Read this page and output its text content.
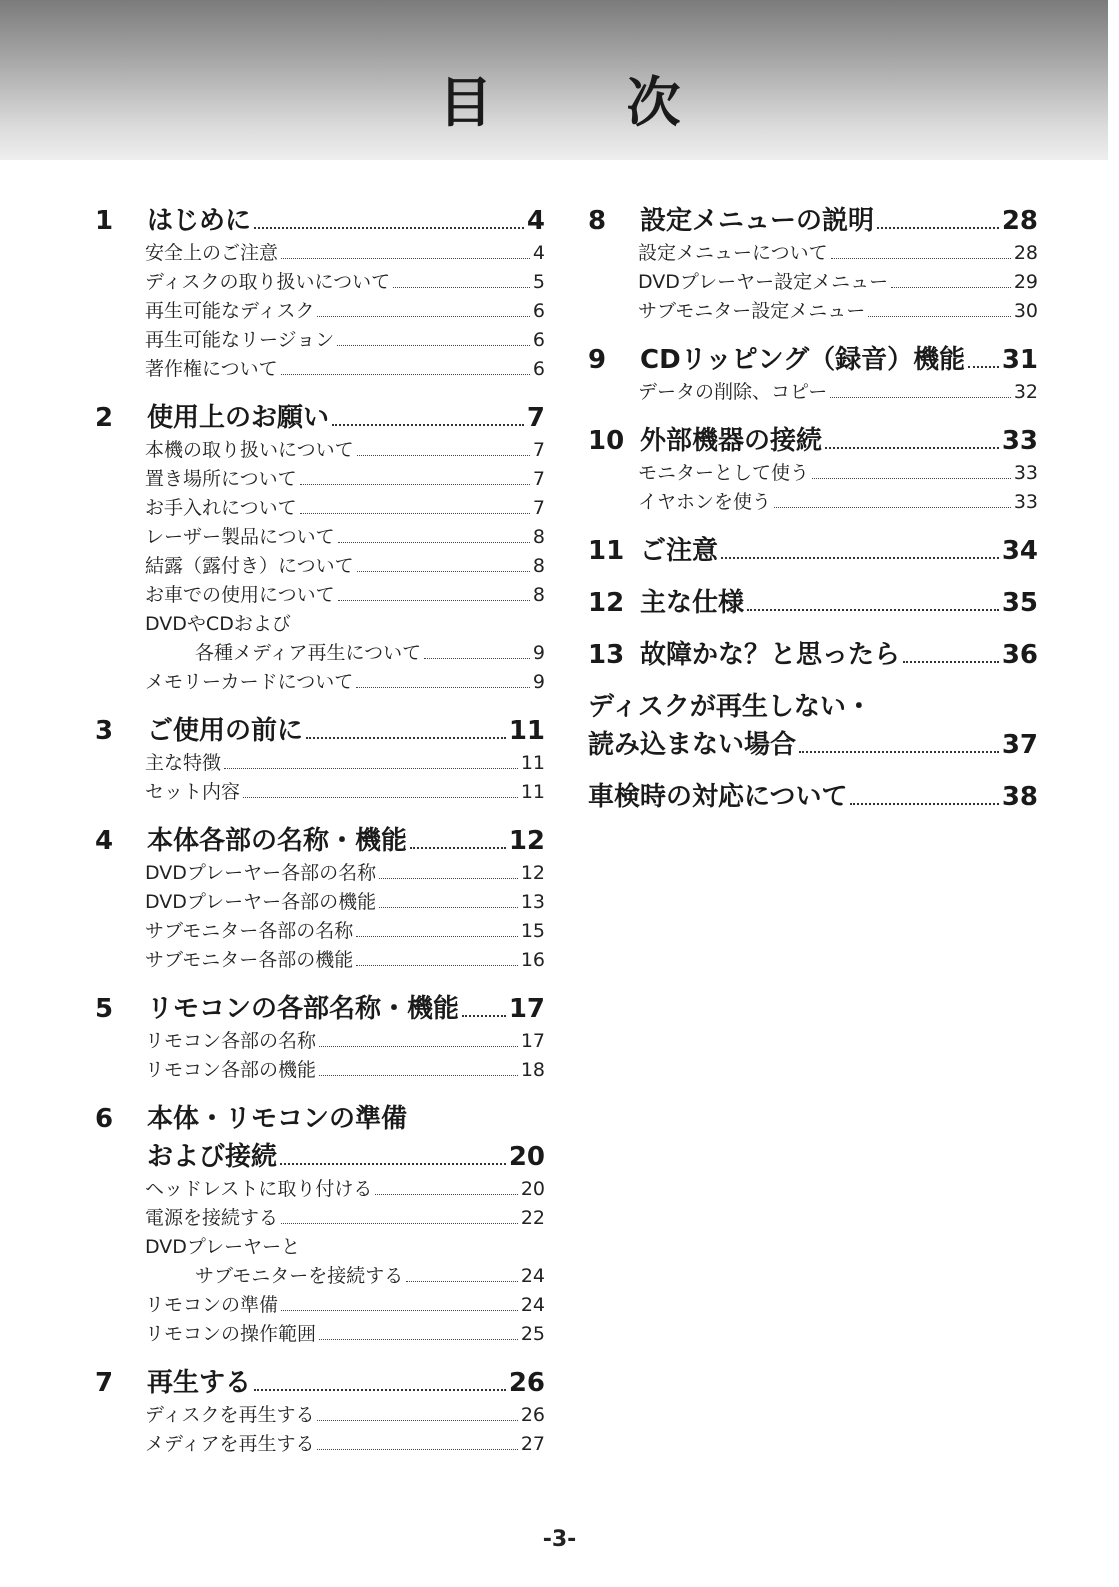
目　次
1	はじめに	4
安全上のご注意	4
ディスクの取り扱いについて	5
再生可能なディスク	6
再生可能なリージョン	6
著作権について	6
2	使用上のお願い	7
本機の取り扱いについて	7
置き場所について	7
お手入れについて	7
レーザー製品について	8
結露（露付き）について	8
お車での使用について	8
DVDやCDおよび
各種メディア再生について	9
メモリーカードについて	9
3	ご使用の前に	11
主な特徴	11
セット内容	11
4	本体各部の名称・機能	12
DVDプレーヤー各部の名称	12
DVDプレーヤー各部の機能	13
サブモニター各部の名称	15
サブモニター各部の機能	16
5	リモコンの各部名称・機能 17
リモコン各部の名称	17
リモコン各部の機能	18
6	本体・リモコンの準備
および接続	20
ヘッドレストに取り付ける	20
電源を接続する	22
DVDプレーヤーと
サブモニターを接続する	24
リモコンの準備	24
リモコンの操作範囲	25
7	再生する	26
ディスクを再生する	26
メディアを再生する	27
8	設定メニューの説明	28
設定メニューについて	28
DVDプレーヤー設定メニュー	29
サブモニター設定メニュー	30
9	CDリッピング（録音）機能 31
データの削除、コピー	32
10 外部機器の接続	33
モニターとして使う	33
イヤホンを使う	33
11 ご注意	34
12 主な仕様	35
13 故障かな？と思ったら	36
ディスクが再生しない・
読み込まない場合	37
車検時の対応について	38
-3-
